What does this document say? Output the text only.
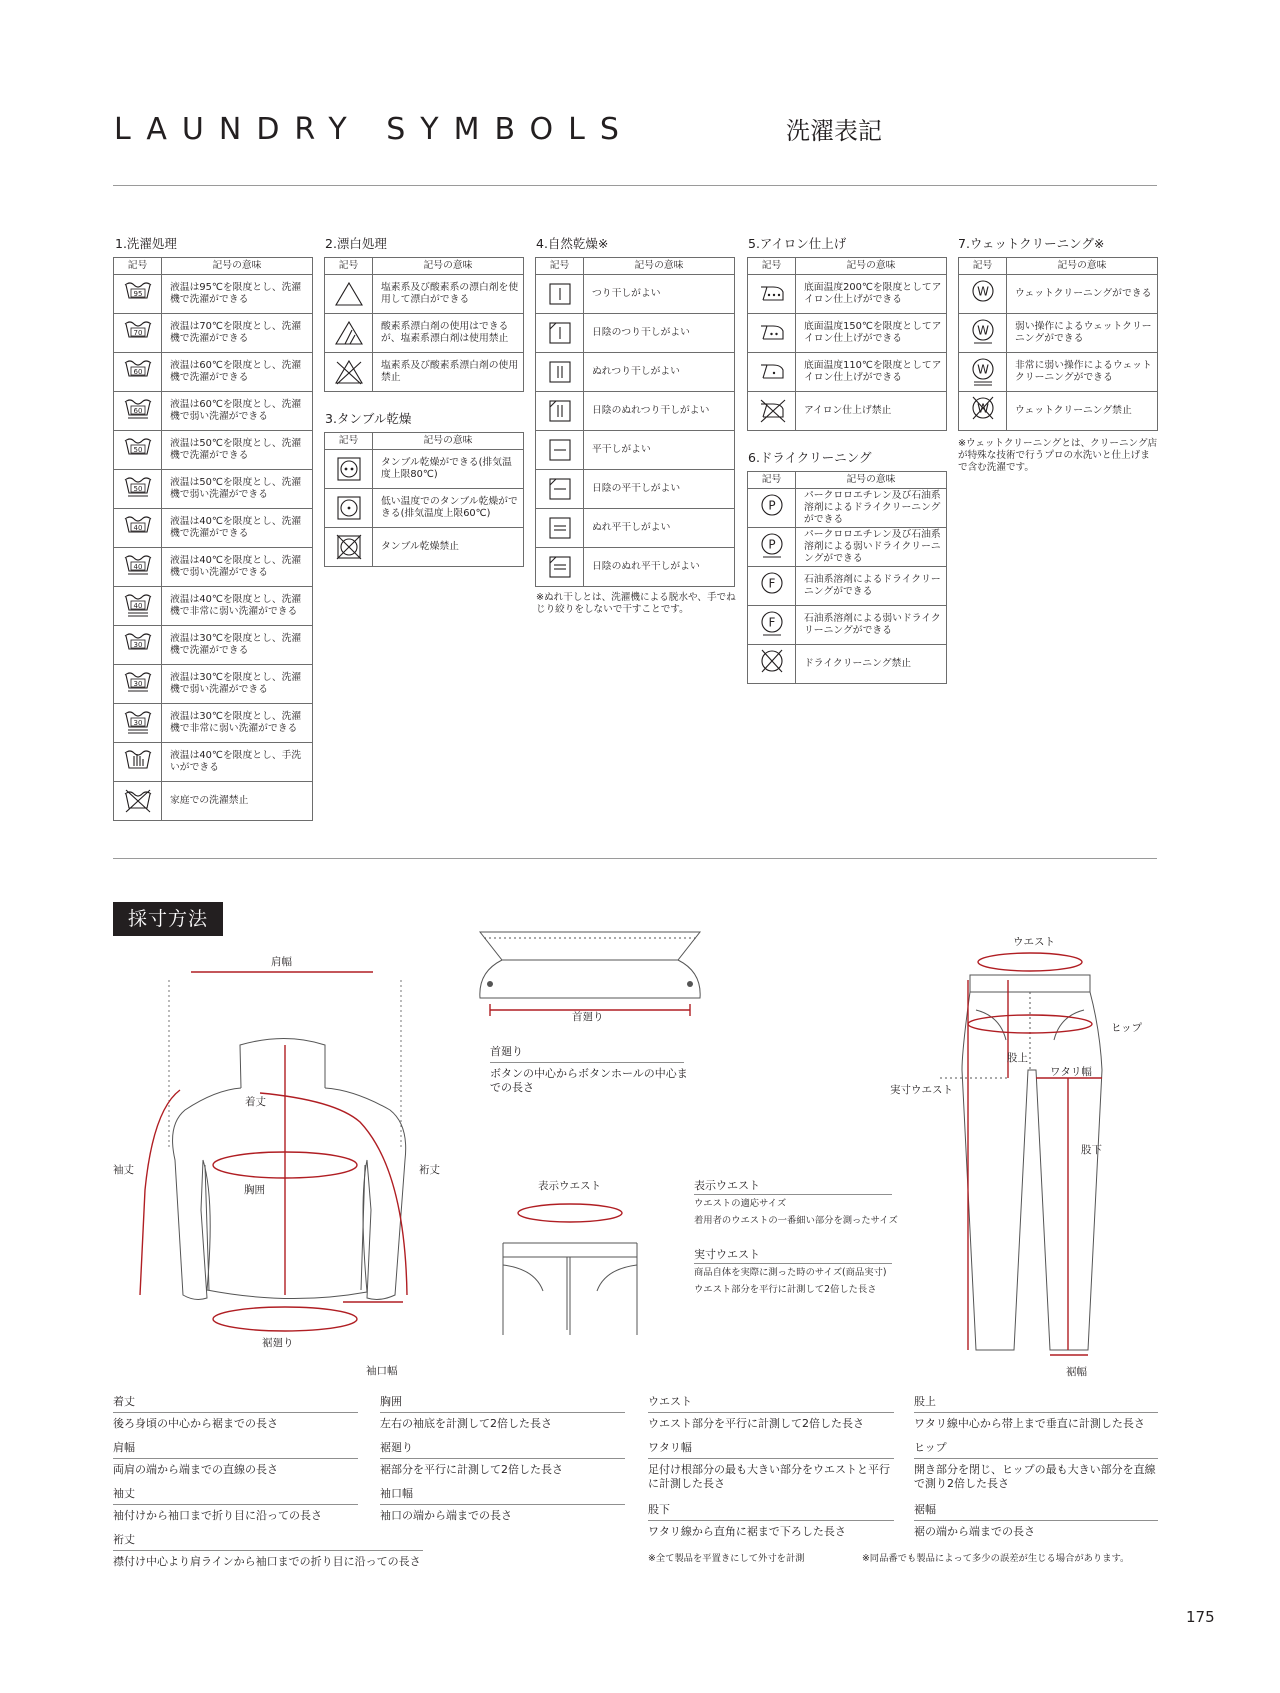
LAUNDRY SYMBOLS	洗濯表記
1.洗濯処理
記号	記号の意味

95	液温は95℃を限度とし、洗濯機で洗濯ができる

70	液温は70℃を限度とし、洗濯機で洗濯ができる

60	液温は60℃を限度とし、洗濯機で洗濯ができる

60	液温は60℃を限度とし、洗濯機で弱い洗濯ができる

50	液温は50℃を限度とし、洗濯機で洗濯ができる

50	液温は50℃を限度とし、洗濯機で弱い洗濯ができる

40	液温は40℃を限度とし、洗濯機で洗濯ができる

40	液温は40℃を限度とし、洗濯機で弱い洗濯ができる

40	液温は40℃を限度とし、洗濯機で非常に弱い洗濯ができる

30	液温は30℃を限度とし、洗濯機で洗濯ができる

30	液温は30℃を限度とし、洗濯機で弱い洗濯ができる

30	液温は30℃を限度とし、洗濯機で非常に弱い洗濯ができる

	液温は40℃を限度とし、手洗いができる

	家庭での洗濯禁止
2.漂白処理
記号	記号の意味

	塩素系及び酸素系の漂白剤を使用して漂白ができる

	酸素系漂白剤の使用はできるが、塩素系漂白剤は使用禁止

	塩素系及び酸素系漂白剤の使用禁止
3.タンブル乾燥
記号	記号の意味

	タンブル乾燥ができる(排気温度上限80℃)

	低い温度でのタンブル乾燥ができる(排気温度上限60℃)

	タンブル乾燥禁止
4.自然乾燥※
記号	記号の意味

	つり干しがよい

	日陰のつり干しがよい

	ぬれつり干しがよい

	日陰のぬれつり干しがよい

	平干しがよい

	日陰の平干しがよい

	ぬれ平干しがよい

	日陰のぬれ平干しがよい
※ぬれ干しとは、洗濯機による脱水や、手でねじり絞りをしないで干すことです。
5.アイロン仕上げ
記号	記号の意味

	底面温度200℃を限度としてアイロン仕上げができる

	底面温度150℃を限度としてアイロン仕上げができる

	底面温度110℃を限度としてアイロン仕上げができる

	アイロン仕上げ禁止
6.ドライクリーニング
記号	記号の意味

P	パークロロエチレン及び石油系溶剤によるドライクリーニングができる

P	パークロロエチレン及び石油系溶剤による弱いドライクリーニングができる

F	石油系溶剤によるドライクリーニングができる

F	石油系溶剤による弱いドライクリーニングができる

	ドライクリーニング禁止
7.ウェットクリーニング※
記号	記号の意味

W	ウェットクリーニングができる

W	弱い操作によるウェットクリーニングができる

W	非常に弱い操作によるウェットクリーニングができる

W	ウェットクリーニング禁止
※ウェットクリーニングとは、クリーニング店が特殊な技術で行うプロの水洗いと仕上げまで含む洗濯です。
採寸方法
肩幅
着丈
袖丈	裄丈
胸囲
裾廻り
袖口幅
首廻り
首廻り
ボタンの中心からボタンホールの中心までの長さ
表示ウエスト	表示ウエスト
ウエストの適応サイズ
着用者のウエストの一番細い部分を測ったサイズ
実寸ウエスト
商品自体を実際に測った時のサイズ(商品実寸)
ウエスト部分を平行に計測して2倍した長さ
ウエスト
ヒップ
股上
ワタリ幅
実寸ウエスト
股下
裾幅
着丈
後ろ身頃の中心から裾までの長さ
肩幅
両肩の端から端までの直線の長さ
袖丈
袖付けから袖口まで折り目に沿っての長さ
裄丈
襟付け中心より肩ラインから袖口までの折り目に沿っての長さ
胸囲
左右の袖底を計測して2倍した長さ
裾廻り
裾部分を平行に計測して2倍した長さ
袖口幅
袖口の端から端までの長さ
ウエスト
ウエスト部分を平行に計測して2倍した長さ
ワタリ幅
足付け根部分の最も大きい部分をウエストと平行に計測した長さ
股下
ワタリ線から直角に裾まで下ろした長さ
股上
ワタリ線中心から帯上まで垂直に計測した長さ
ヒップ
開き部分を閉じ、ヒップの最も大きい部分を直線で測り2倍した長さ
裾幅
裾の端から端までの長さ
※全て製品を平置きにして外寸を計測	※同品番でも製品によって多少の誤差が生じる場合があります。
175
